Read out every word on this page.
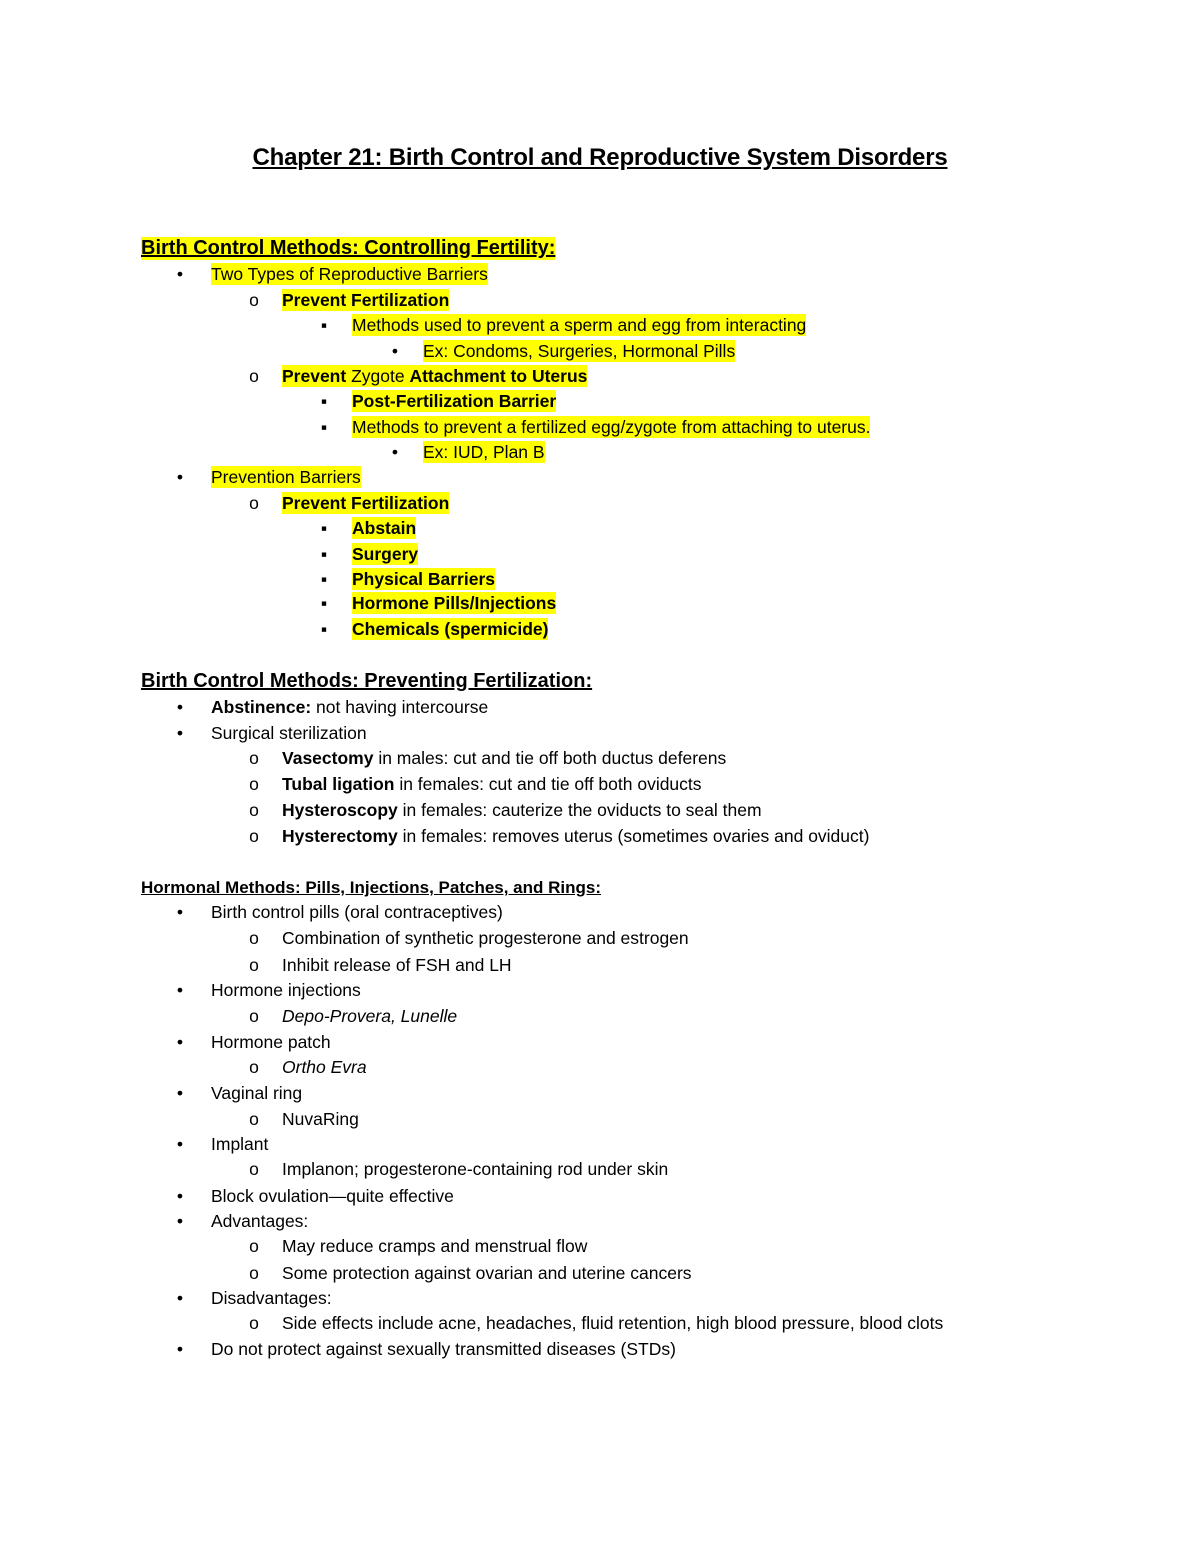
Chapter 21: Birth Control and Reproductive System Disorders
Birth Control Methods: Controlling Fertility:
• Two Types of Reproductive Barriers
o Prevent Fertilization
▪ Methods used to prevent a sperm and egg from interacting
• Ex: Condoms, Surgeries, Hormonal Pills
o Prevent Zygote Attachment to Uterus
▪ Post-Fertilization Barrier
▪ Methods to prevent a fertilized egg/zygote from attaching to uterus.
• Ex: IUD, Plan B
• Prevention Barriers
o Prevent Fertilization
▪ Abstain
▪ Surgery
▪ Physical Barriers
▪ Hormone Pills/Injections
▪ Chemicals (spermicide)
Birth Control Methods: Preventing Fertilization:
• Abstinence: not having intercourse
• Surgical sterilization
o Vasectomy in males: cut and tie off both ductus deferens
o Tubal ligation in females: cut and tie off both oviducts
o Hysteroscopy in females: cauterize the oviducts to seal them
o Hysterectomy in females: removes uterus (sometimes ovaries and oviduct)
Hormonal Methods: Pills, Injections, Patches, and Rings:
• Birth control pills (oral contraceptives)
o Combination of synthetic progesterone and estrogen
o Inhibit release of FSH and LH
• Hormone injections
o Depo-Provera, Lunelle
• Hormone patch
o Ortho Evra
• Vaginal ring
o NuvaRing
• Implant
o Implanon; progesterone-containing rod under skin
• Block ovulation—quite effective
• Advantages:
o May reduce cramps and menstrual flow
o Some protection against ovarian and uterine cancers
• Disadvantages:
o Side effects include acne, headaches, fluid retention, high blood pressure, blood clots
• Do not protect against sexually transmitted diseases (STDs)
